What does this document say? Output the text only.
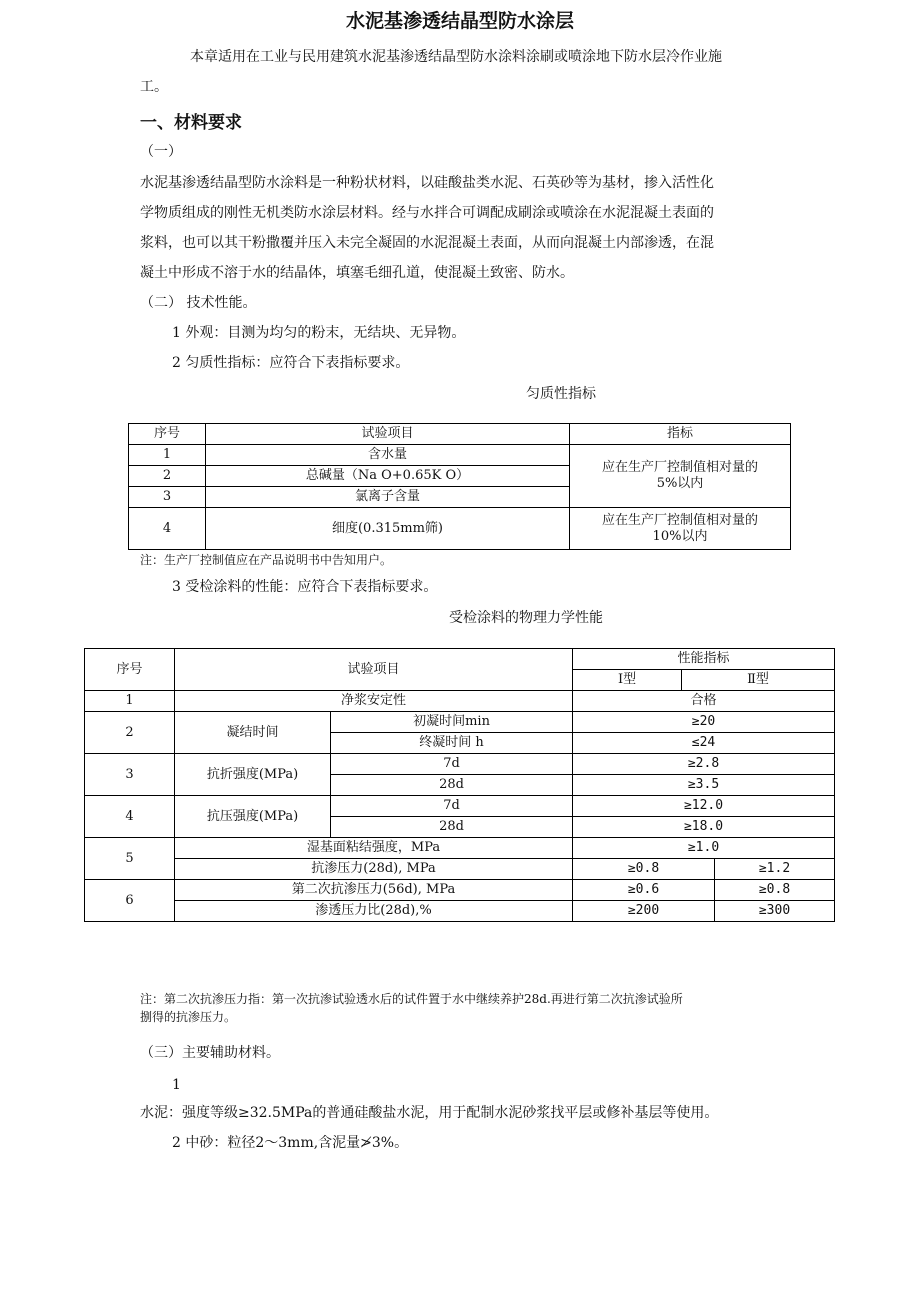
水泥基渗透结晶型防水涂层
本章适用在工业与民用建筑水泥基渗透结晶型防水涂料涂刷或喷涂地下防水层冷作业施
工。
一、材料要求
（一）
水泥基渗透结晶型防水涂料是一种粉状材料，以硅酸盐类水泥、石英砂等为基材，掺入活性化
学物质组成的刚性无机类防水涂层材料。经与水拌合可调配成刷涂或喷涂在水泥混凝土表面的
浆料，也可以其干粉撒覆并压入未完全凝固的水泥混凝土表面，从而向混凝土内部渗透，在混
凝土中形成不溶于水的结晶体，填塞毛细孔道，使混凝土致密、防水。
（二） 技术性能。
1 外观：目测为均匀的粉末，无结块、无异物。
2 匀质性指标：应符合下表指标要求。
匀质性指标
序号	试验项目	指标
1	含水量	应在生产厂控制值相对量的
5%以内

2	总碱量（Na O+0.65K O）	
3	氯离子含量	
4	细度(0.315mm筛)	应在生产厂控制值相对量的
10%以内
注：生产厂控制值应在产品说明书中告知用户。
3 受检涂料的性能：应符合下表指标要求。
受检涂料的物理力学性能
序号	试验项目		性能指标		
			Ⅰ型	Ⅱ型	
1	净浆安定性		合格		
2	凝结时间	初凝时间min	≥20		
		终凝时间 h	≤24		
3	抗折强度(MPa)	7d	≥2.8		
		28d	≥3.5		
4	抗压强度(MPa)	7d	≥12.0		
		28d	≥18.0		
5	湿基面粘结强度，MPa		≥1.0		
	抗渗压力(28d), MPa		≥0.8		≥1.2
6	第二次抗渗压力(56d), MPa		≥0.6		≥0.8
	渗透压力比(28d),%		≥200		≥300
注：第二次抗渗压力指：第一次抗渗试验透水后的试件置于水中继续养护28d.再进行第二次抗渗试验所
捌得的抗渗压力。
（三）主要辅助材料。
1
水泥：强度等级≥32.5MPa的普通硅酸盐水泥，用于配制水泥砂浆找平层或修补基层等使用。
2 中砂：粒径2～3mm,含泥量≯3%。
